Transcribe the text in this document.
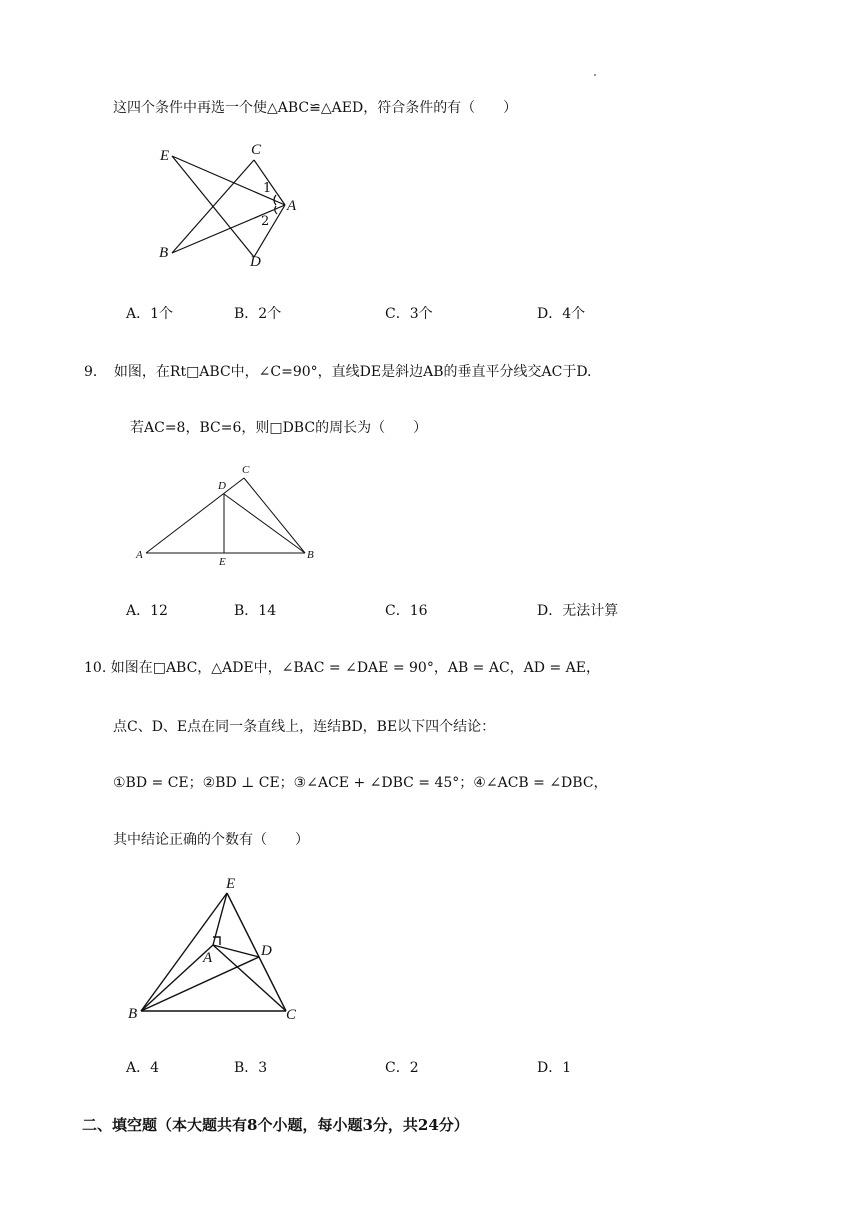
这四个条件中再选一个使△ABC≌△AED，符合条件的有（　　）
E	C
A
B
D
1
2
A．1个	B．2个	C．3个	D．4个
9．　如图，在Rt□ABC中，∠C=90°，直线DE是斜边AB的垂直平分线交AC于D.
若AC=8，BC=6，则□DBC的周长为（　　）
C
D
A
E
B
A．12	B．14	C．16	D．无法计算
10. 如图在□ABC，△ADE中，∠BAC = ∠DAE = 90°，AB = AC，AD = AE，
点C、D、E点在同一条直线上，连结BD，BE以下四个结论：
①BD = CE；②BD ⊥ CE；③∠ACE + ∠DBC = 45°；④∠ACB = ∠DBC，
其中结论正确的个数有（　　）
E
A	D
B	C
A．4	B．3	C．2	D．1
二、填空题（本大题共有8个小题，每小题3分，共24分）
